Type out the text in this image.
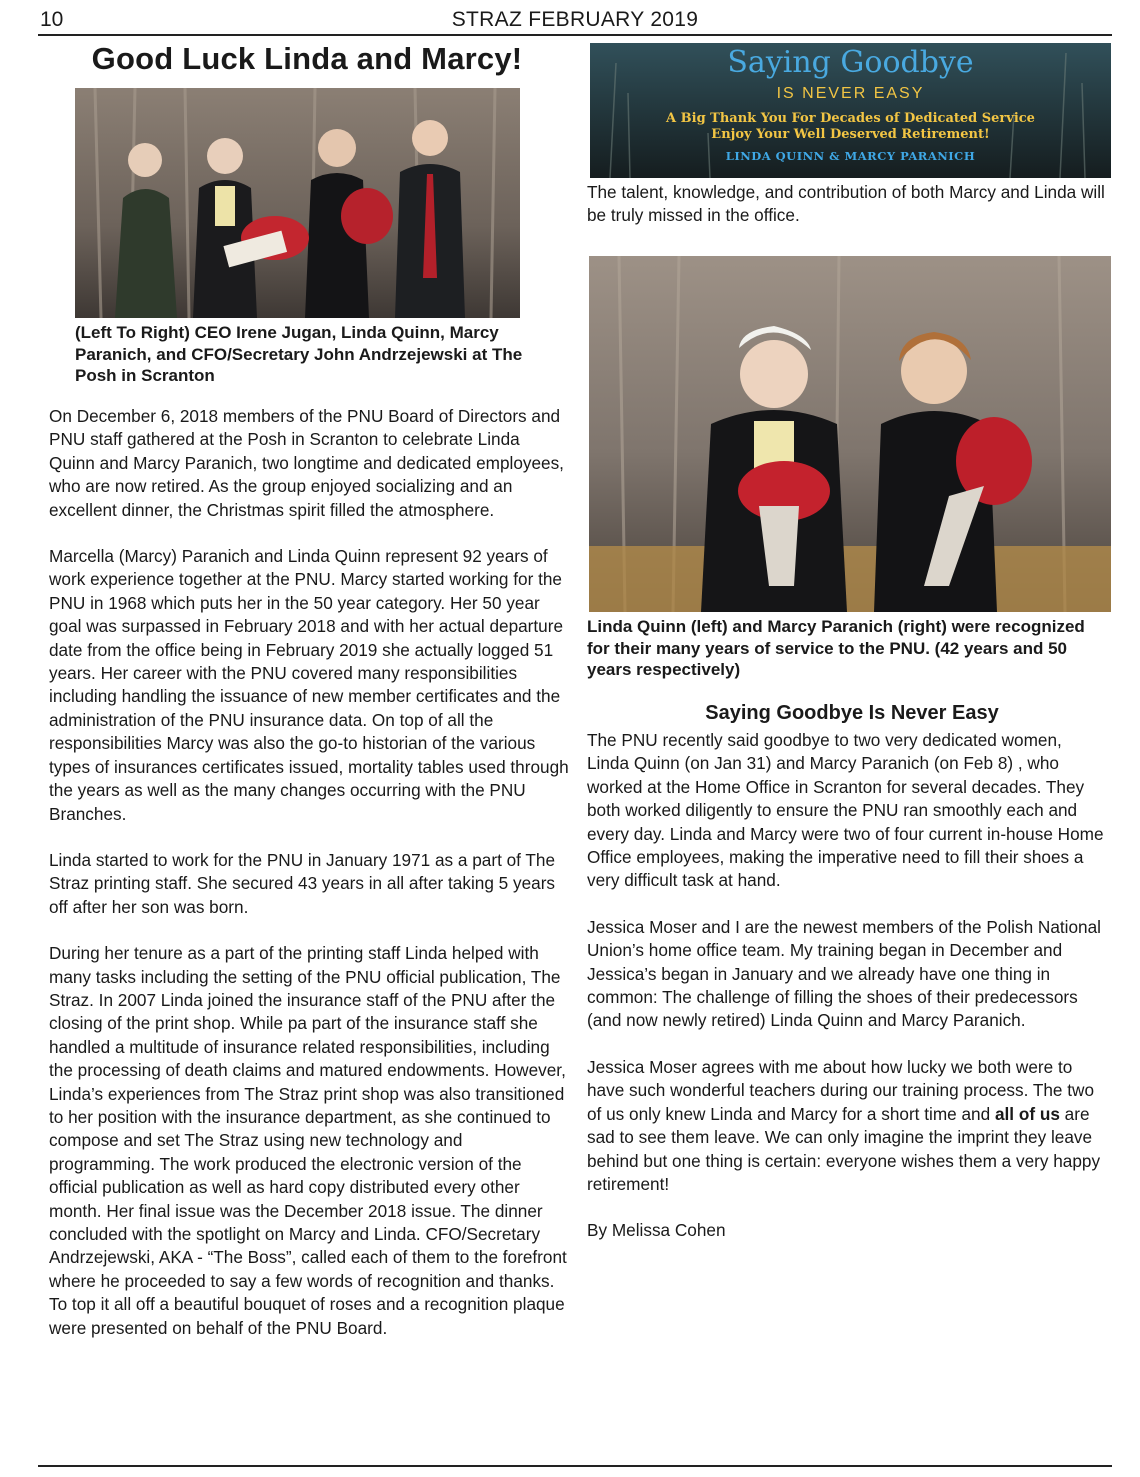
10	STRAZ FEBRUARY 2019
Good Luck Linda and Marcy!
(Left To Right) CEO Irene Jugan, Linda Quinn, Marcy Paranich, and CFO/Secretary John Andrzejewski at The Posh in Scranton

On December 6, 2018 members of the PNU Board of Directors and PNU staff gathered at the Posh in Scranton to celebrate Linda Quinn and Marcy Paranich, two longtime and dedicated employees, who are now retired. As the group enjoyed socializing and an excellent dinner, the Christmas spirit filled the atmosphere.

Marcella (Marcy) Paranich and Linda Quinn represent 92 years of work experience together at the PNU. Marcy started working for the PNU in 1968 which puts her in the 50 year category. Her 50 year goal was surpassed in February 2018 and with her actual departure date from the office being in February 2019 she actually logged 51 years. Her career with the PNU covered many responsibilities including handling the issuance of new member certificates and the administration of the PNU insurance data. On top of all the responsibilities Marcy was also the go-to historian of the various types of insurances certificates issued, mortality tables used through the years as well as the many changes occurring with the PNU Branches.

Linda started to work for the PNU in January 1971 as a part of The Straz printing staff. She secured 43 years in all after taking 5 years off after her son was born.

During her tenure as a part of the printing staff Linda helped with many tasks including the setting of the PNU official publication, The Straz. In 2007 Linda joined the insurance staff of the PNU after the closing of the print shop. While pa part of the insurance staff she handled a multitude of insurance related responsibilities, including the processing of death claims and matured endowments. However, Linda’s experiences from The Straz print shop was also transitioned to her position with the insurance department, as she continued to compose and set The Straz using new technology and programming. The work produced the electronic version of the official publication as well as hard copy distributed every other month. Her final issue was the December 2018 issue. The dinner concluded with the spotlight on Marcy and Linda. CFO/Secretary Andrzejewski, AKA - “The Boss”, called each of them to the forefront where he proceeded to say a few words of recognition and thanks. To top it all off a beautiful bouquet of roses and a recognition plaque were presented on behalf of the PNU Board.

Saying Goodbye
IS NEVER EASY
A Big Thank You For Decades of Dedicated Service
Enjoy Your Well Deserved Retirement!
LINDA QUINN & MARCY PARANICH
The talent, knowledge, and contribution of both Marcy and Linda will be truly missed in the office.
Linda Quinn (left) and Marcy Paranich (right) were recognized for their many years of service to the PNU. (42 years and 50 years respectively)
Saying Goodbye Is Never Easy

The PNU recently said goodbye to two very dedicated women, Linda Quinn (on Jan 31) and Marcy Paranich (on Feb 8) , who worked at the Home Office in Scranton for several decades. They both worked diligently to ensure the PNU ran smoothly each and every day. Linda and Marcy were two of four current in-house Home Office employees, making the imperative need to fill their shoes a very difficult task at hand.

Jessica Moser and I are the newest members of the Polish National Union’s home office team. My training began in December and Jessica’s began in January and we already have one thing in common: The challenge of filling the shoes of their predecessors (and now newly retired) Linda Quinn and Marcy Paranich.

Jessica Moser agrees with me about how lucky we both were to have such wonderful teachers during our training process. The two of us only knew Linda and Marcy for a short time and all of us are sad to see them leave. We can only imagine the imprint they leave behind but one thing is certain: everyone wishes them a very happy retirement!

By Melissa Cohen
